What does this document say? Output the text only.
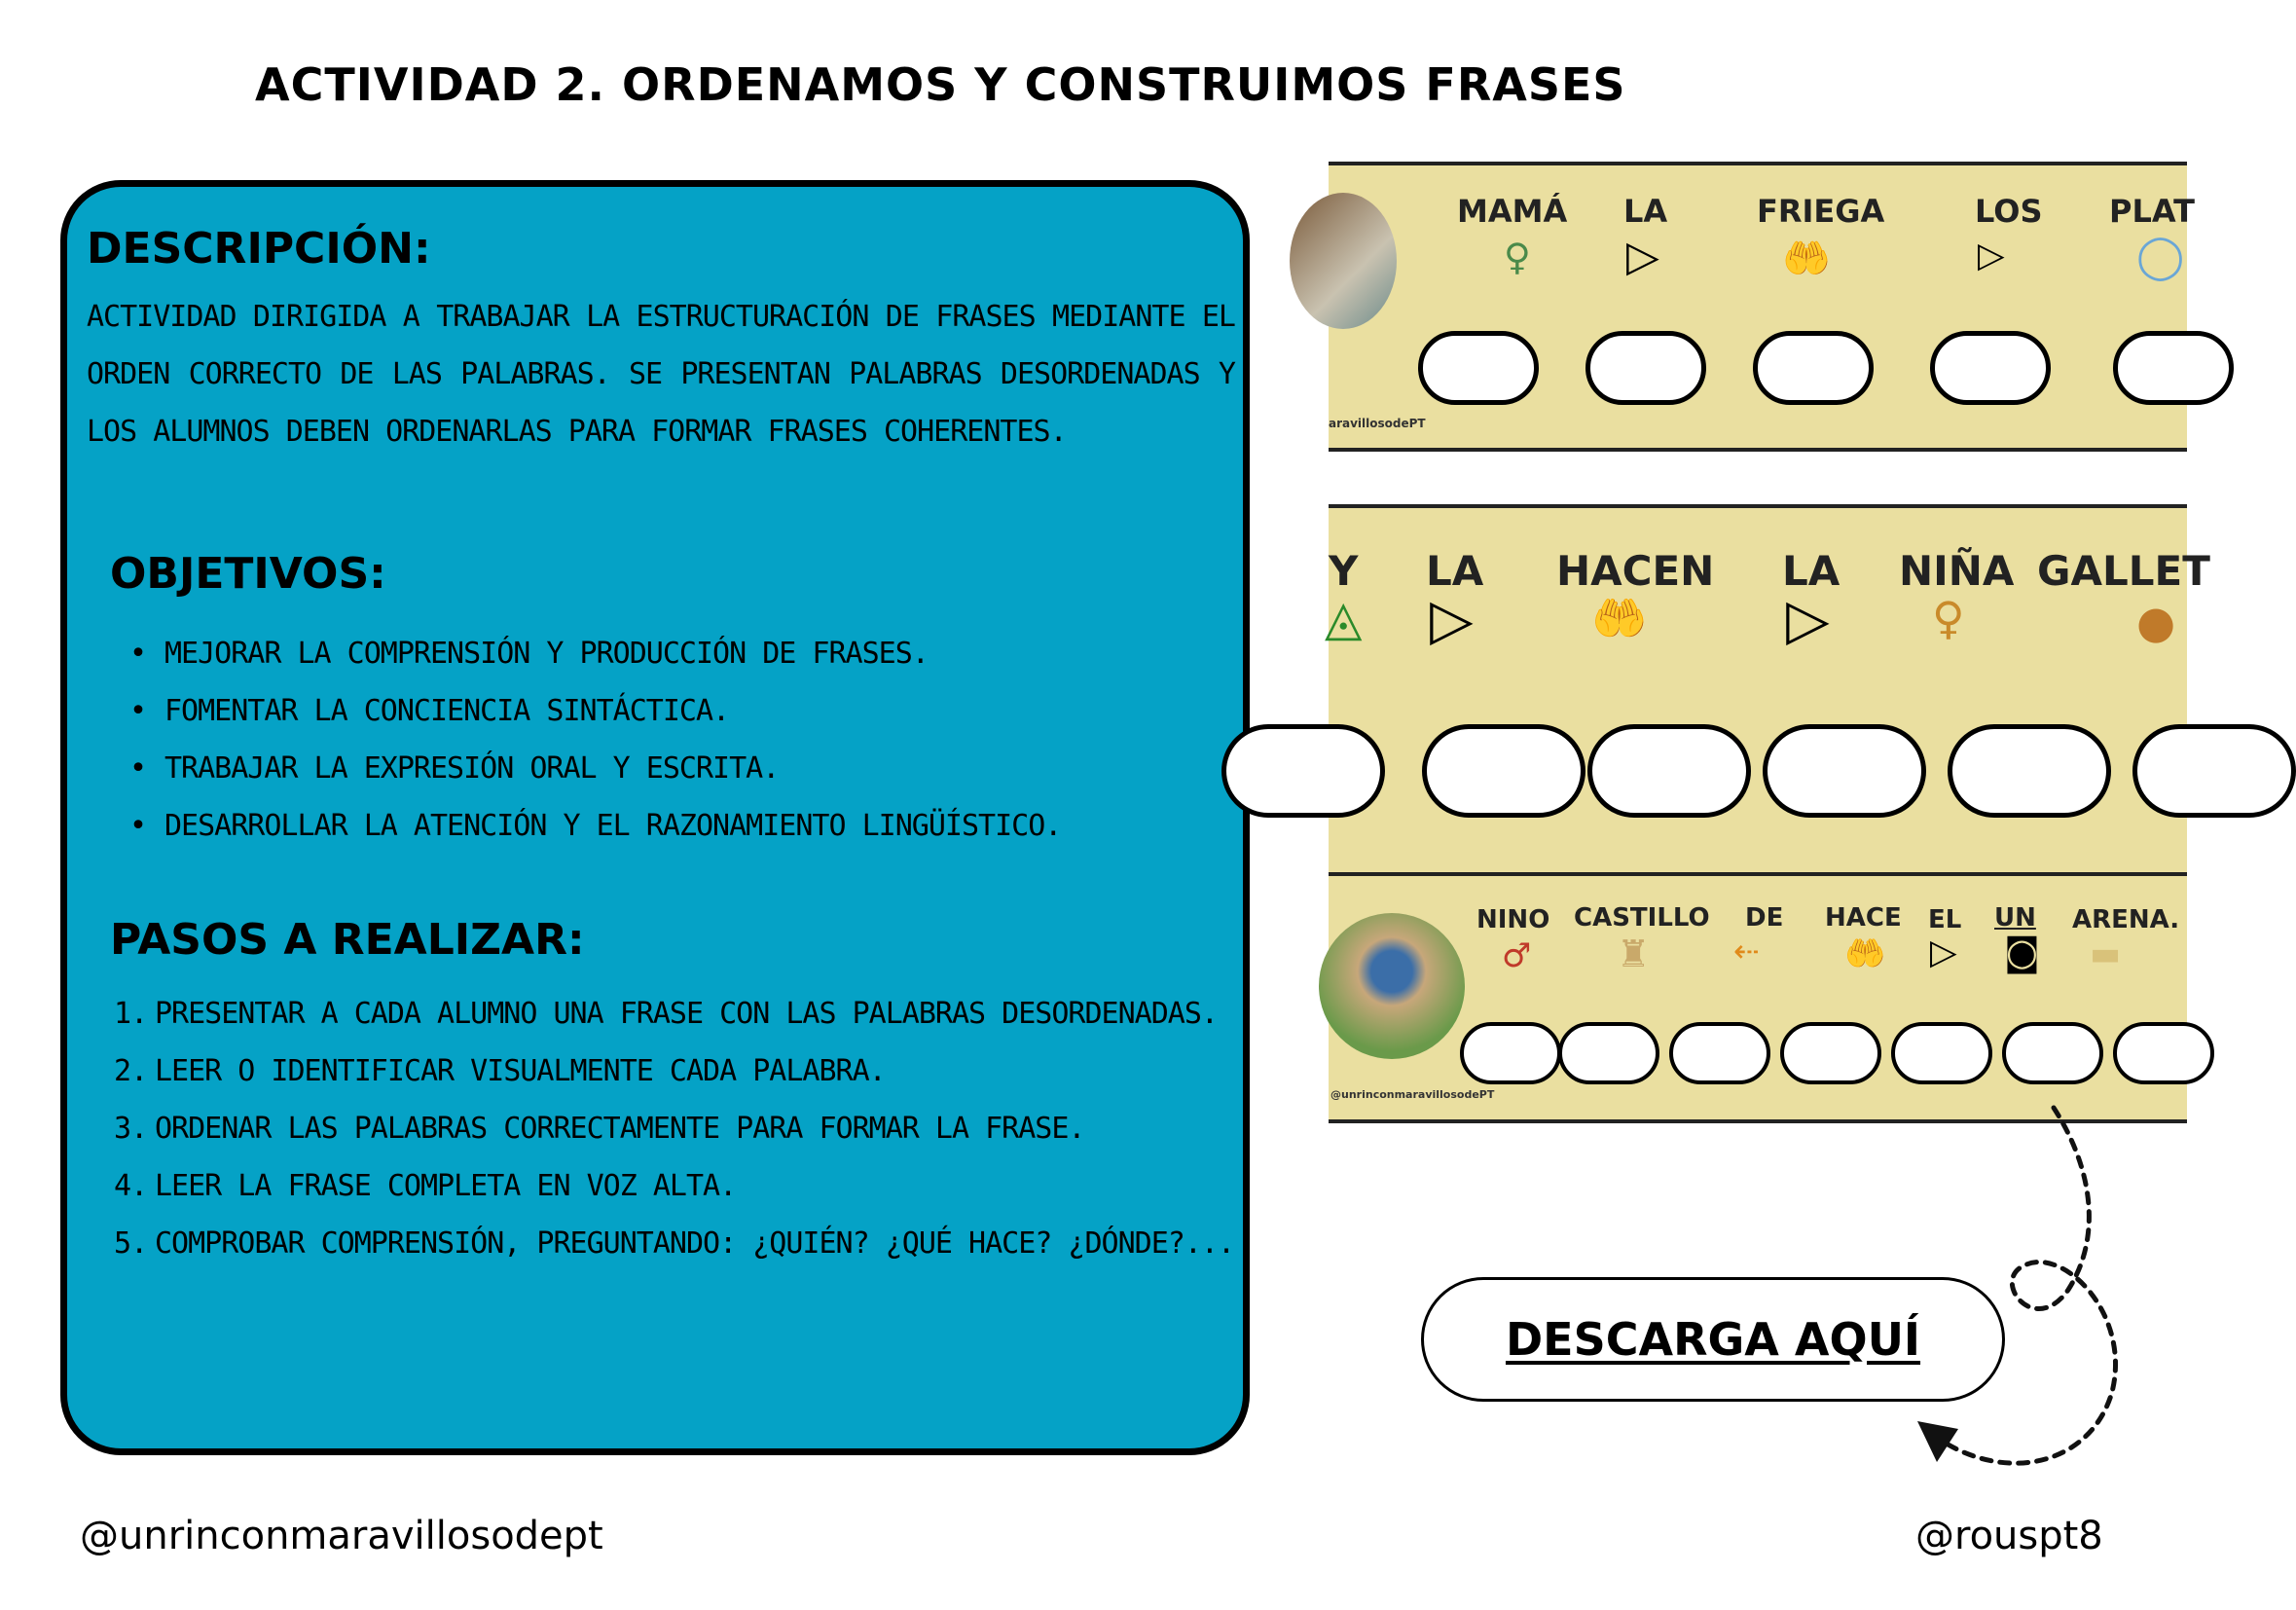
ACTIVIDAD 2. ORDENAMOS Y CONSTRUIMOS FRASES
DESCRIPCIÓN:
ACTIVIDAD DIRIGIDA A TRABAJAR LA ESTRUCTURACIÓN DE FRASES MEDIANTE EL ORDEN CORRECTO DE LAS PALABRAS. SE PRESENTAN PALABRAS DESORDENADAS Y LOS ALUMNOS DEBEN ORDENARLAS PARA FORMAR FRASES COHERENTES.
OBJETIVOS:
• MEJORAR LA COMPRENSIÓN Y PRODUCCIÓN DE FRASES.
• FOMENTAR LA CONCIENCIA SINTÁCTICA.
• TRABAJAR LA EXPRESIÓN ORAL Y ESCRITA.
• DESARROLLAR LA ATENCIÓN Y EL RAZONAMIENTO LINGÜÍSTICO.
PASOS A REALIZAR:
PRESENTAR A CADA ALUMNO UNA FRASE CON LAS PALABRAS DESORDENADAS.
LEER O IDENTIFICAR VISUALMENTE CADA PALABRA.
ORDENAR LAS PALABRAS CORRECTAMENTE PARA FORMAR LA FRASE.
LEER LA FRASE COMPLETA EN VOZ ALTA.
COMPROBAR COMPRENSIÓN, PREGUNTANDO: ¿QUIÉN? ¿QUÉ HACE? ¿DÓNDE?...
MAMÁ LA	FRIEGA	LOS PLAT
♀ ▷	🤲	▷	◯
aravillosodePT
Y LA HACEN LA NIÑA GALLET
◬ ▷	🤲 ▷ ♀	●
NINO CASTILLO DE HACE EL UN ARENA.
♂ ♜	⇠	🤲 ▷ ◙ ▬
@unrinconmaravillosodePT
DESCARGA AQUÍ
@unrinconmaravillosodept	@rouspt8
